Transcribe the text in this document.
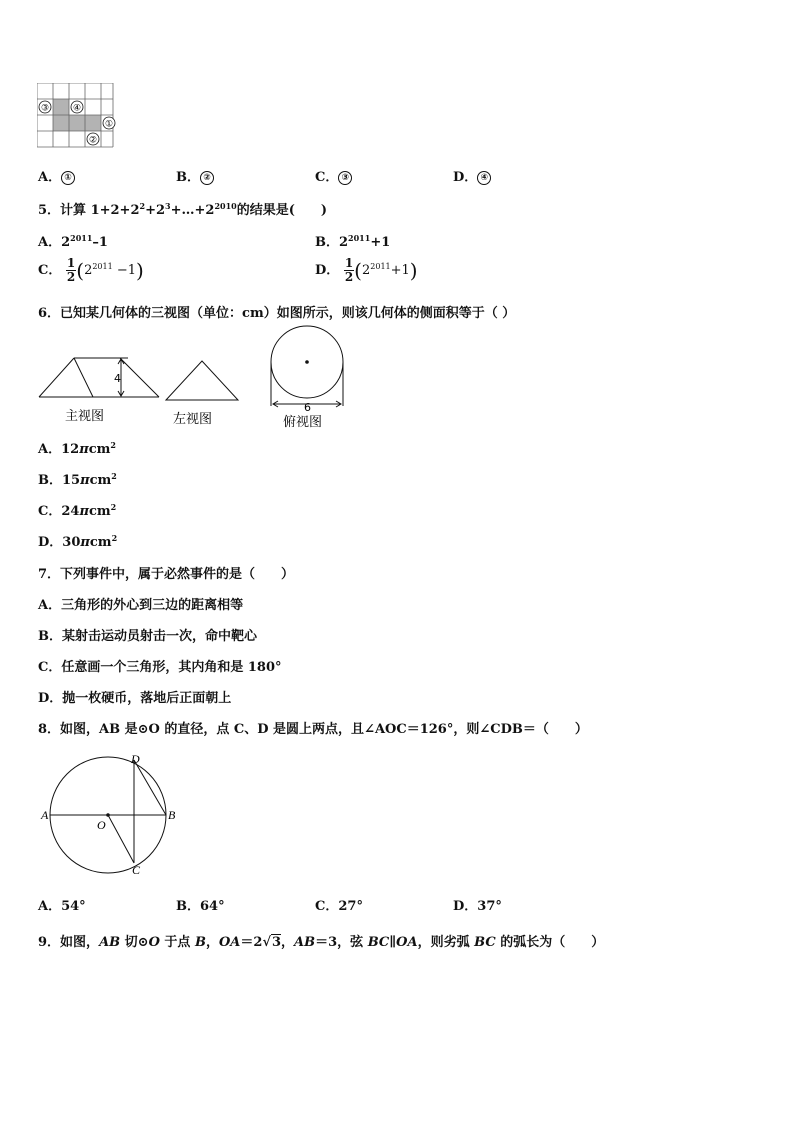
③	④
①
②
A． ①	B． ②	C． ③	D． ④
5．计算 $1+2+2^2+2^3+\dots+2^{2010}$的结果是(　　)
A．$2^{2011}-1$	B．$2^{2011}+1$
C． $\frac{1}{2} (2^{2011} -1)$	D． $\frac{1}{2} (2^{2011}+1)$
6．已知某几何体的三视图（单位：cm）如图所示，则该几何体的侧面积等于（ ）
4
主视图	左视图
6
俯视图
A．12πcm$^2$
B．15πcm$^2$
C．24πcm$^2$
D．30πcm$^2$
7．下列事件中，属于必然事件的是（　　）
A．三角形的外心到三边的距离相等
B．某射击运动员射击一次，命中靶心
C．任意画一个三角形，其内角和是 180°
D．抛一枚硬币，落地后正面朝上
8．如图，AB 是⊙O 的直径，点 C、D 是圆上两点，且∠AOC＝126°，则∠CDB＝（　　）
A	B
C
D
O
A．54°	B．64°	C．27°	D．37°
9．如图，AB 切⊙O 于点 B，OA＝2√3，AB＝3，弦 BC∥OA，则劣弧 BC 的弧长为（　　）
